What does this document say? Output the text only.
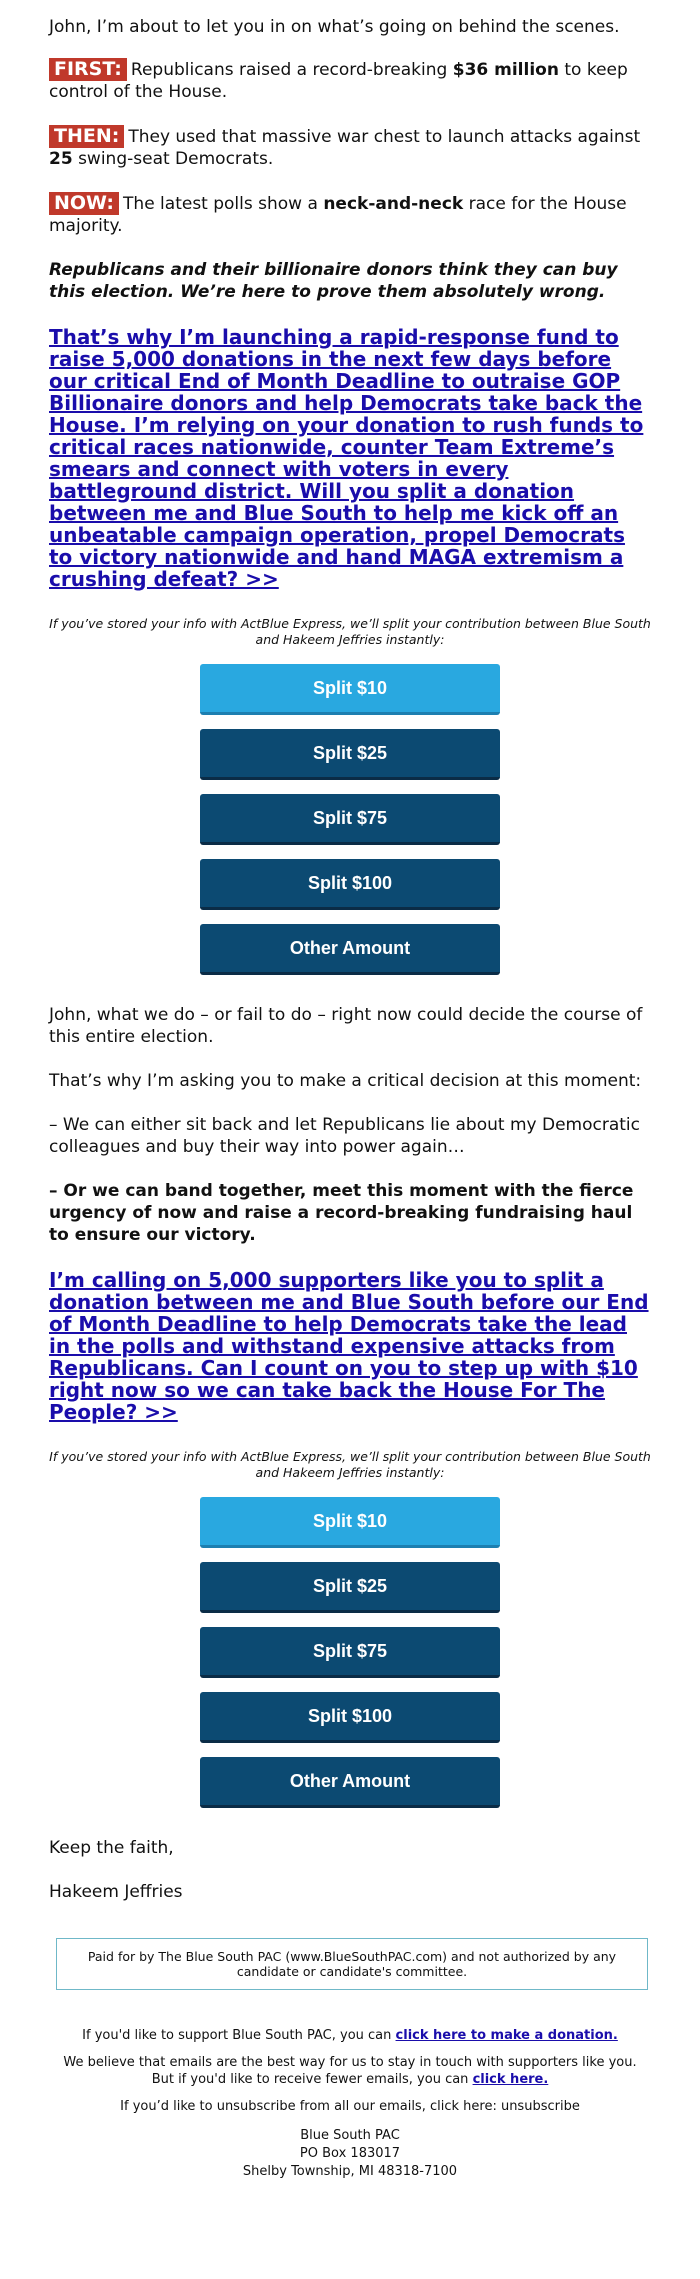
John, I’m about to let you in on what’s going on behind the scenes.

FIRST: Republicans raised a record-breaking $36 million to keep control of the House.

THEN: They used that massive war chest to launch attacks against 25 swing-seat Democrats.

NOW: The latest polls show a neck-and-neck race for the House majority.

Republicans and their billionaire donors think they can buy this election. We’re here to prove them absolutely wrong.

That’s why I’m launching a rapid-response fund to raise 5,000 donations in the next few days before our critical End of Month Deadline to outraise GOP Billionaire donors and help Democrats take back the House. I’m relying on your donation to rush funds to critical races nationwide, counter Team Extreme’s smears and connect with voters in every battleground district. Will you split a donation between me and Blue South to help me kick off an unbeatable campaign operation, propel Democrats to victory nationwide and hand MAGA extremism a crushing defeat? >>

If you’ve stored your info with ActBlue Express, we’ll split your contribution between Blue South and Hakeem Jeffries instantly:

Split $10
Split $25
Split $75
Split $100
Other Amount

John, what we do – or fail to do – right now could decide the course of this entire election.

That’s why I’m asking you to make a critical decision at this moment:

– We can either sit back and let Republicans lie about my Democratic colleagues and buy their way into power again…

– Or we can band together, meet this moment with the fierce urgency of now and raise a record-breaking fundraising haul to ensure our victory.

I’m calling on 5,000 supporters like you to split a donation between me and Blue South before our End of Month Deadline to help Democrats take the lead in the polls and withstand expensive attacks from Republicans. Can I count on you to step up with $10 right now so we can take back the House For The People? >>

If you’ve stored your info with ActBlue Express, we’ll split your contribution between Blue South and Hakeem Jeffries instantly:

Split $10
Split $25
Split $75
Split $100
Other Amount

Keep the faith,

Hakeem Jeffries

Paid for by The Blue South PAC (www.BlueSouthPAC.com) and not authorized by any candidate or candidate's committee.

If you'd like to support Blue South PAC, you can click here to make a donation.

We believe that emails are the best way for us to stay in touch with supporters like you. But if you'd like to receive fewer emails, you can click here.

If you’d like to unsubscribe from all our emails, click here: unsubscribe

Blue South PAC
PO Box 183017
Shelby Township, MI 48318-7100
